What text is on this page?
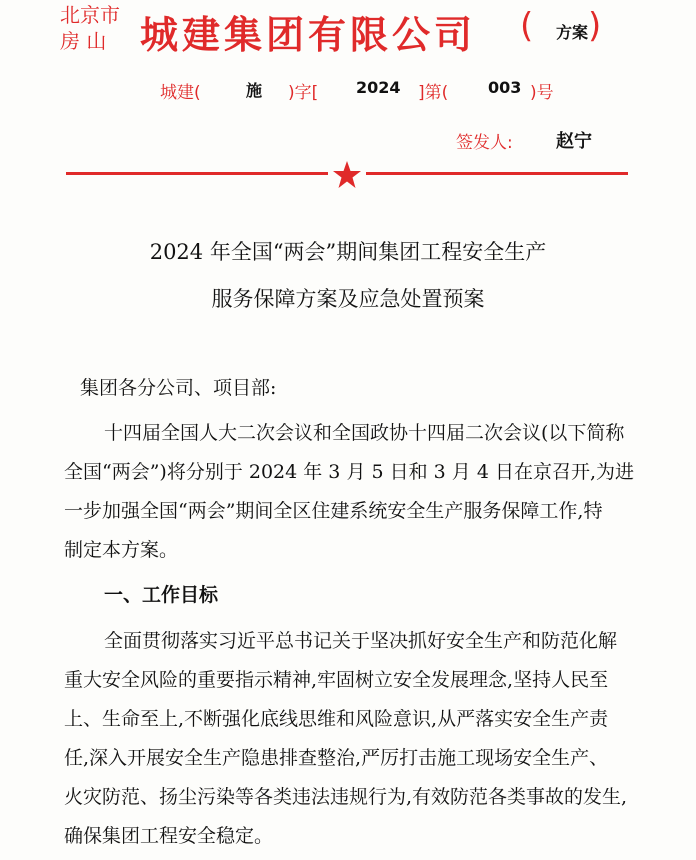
北京市
房 山 城建集团有限公司 ( 方案 )
城建(	施 )字[ 2024 ]第( 003 )号
签发人: 赵宁
2024 年全国“两会”期间集团工程安全生产
服务保障方案及应急处置预案
集团各分公司、项目部:
十四届全国人大二次会议和全国政协十四届二次会议(以下简称
全国“两会”)将分别于 2024 年 3 月 5 日和 3 月 4 日在京召开,为进
一步加强全国“两会”期间全区住建系统安全生产服务保障工作,特
制定本方案。
一、工作目标
全面贯彻落实习近平总书记关于坚决抓好安全生产和防范化解
重大安全风险的重要指示精神,牢固树立安全发展理念,坚持人民至
上、生命至上,不断强化底线思维和风险意识,从严落实安全生产责
任,深入开展安全生产隐患排查整治,严厉打击施工现场安全生产、
火灾防范、扬尘污染等各类违法违规行为,有效防范各类事故的发生,
确保集团工程安全稳定。
